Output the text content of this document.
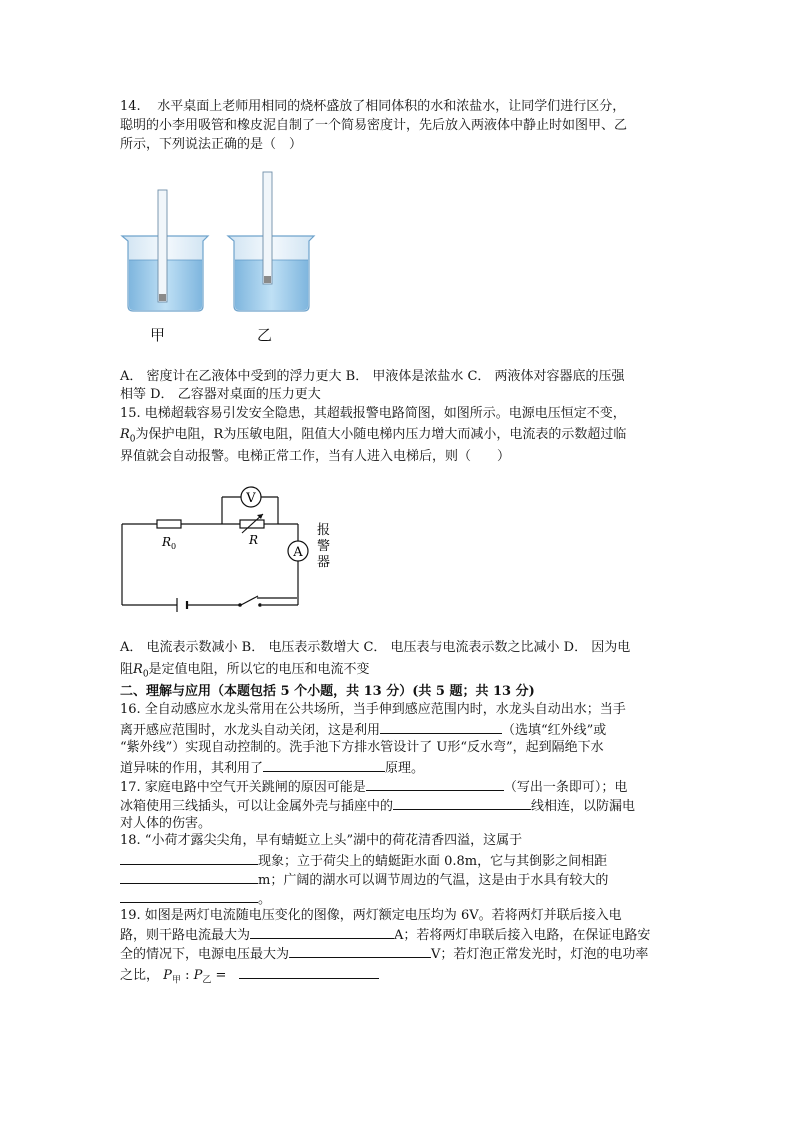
14. 水平桌面上老师用相同的烧杯盛放了相同体积的水和浓盐水，让同学们进行区分，
聪明的小李用吸管和橡皮泥自制了一个简易密度计，先后放入两液体中静止时如图甲、乙
所示，下列说法正确的是（　）
甲	乙
A． 密度计在乙液体中受到的浮力更大 B． 甲液体是浓盐水 C． 两液体对容器底的压强
相等 D． 乙容器对桌面的压力更大
15. 电梯超载容易引发安全隐患，其超载报警电路简图，如图所示。电源电压恒定不变，
$R_0$为保护电阻，R为压敏电阻，阻值大小随电梯内压力增大而减小，电流表的示数超过临
界值就会自动报警。电梯正常工作，当有人进入电梯后，则（　　）
V
A
$R_0$	R
报
警
器
A． 电流表示数减小 B． 电压表示数增大 C． 电压表与电流表示数之比减小 D． 因为电
阻$R_0$是定值电阻，所以它的电压和电流不变
二、理解与应用（本题包括 5 个小题，共 13 分）(共 5 题；共 13 分)
16. 全自动感应水龙头常用在公共场所，当手伸到感应范围内时，水龙头自动出水；当手
离开感应范围时，水龙头自动关闭，这是利用	（选填“红外线”或
“紫外线”）实现自动控制的。洗手池下方排水管设计了 U形“反水弯”，起到隔绝下水
道异味的作用，其利用了	原理。
17. 家庭电路中空气开关跳闸的原因可能是	（写出一条即可）；电
冰箱使用三线插头，可以让金属外壳与插座中的	线相连，以防漏电
对人体的伤害。
18. “小荷才露尖尖角，早有蜻蜓立上头”湖中的荷花清香四溢，这属于
现象；立于荷尖上的蜻蜓距水面 0.8m，它与其倒影之间相距
m；广阔的湖水可以调节周边的气温，这是由于水具有较大的
。
19. 如图是两灯电流随电压变化的图像，两灯额定电压均为 6V。若将两灯并联后接入电
路，则干路电流最大为	A；若将两灯串联后接入电路，在保证电路安
全的情况下，电源电压最大为	V；若灯泡正常发光时，灯泡的电功率
之比， $P_甲$ : $P_乙$ =
